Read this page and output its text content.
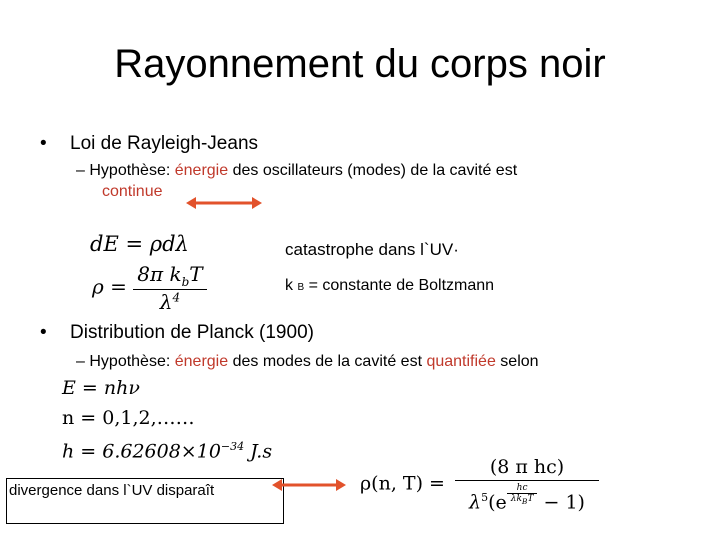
Rayonnement du corps noir
• Loi de Rayleigh-Jeans
– Hypothèse: énergie des oscillateurs (modes) de la cavité est
continue
dE = ρdλ
$\rho = \frac{8\pi k_bT}{\lambda^4}$
catastrophe dans l`UV·
k B = constante de Boltzmann
• Distribution de Planck (1900)
– Hypothèse: énergie des modes de la cavité est quantifiée selon
E = nhν
n = 0,1,2,……
$h = 6.62608\times 10^{-34}$ J.s
divergence dans l`UV disparaît	ρ(n, $T) = \frac{\text{(8 π hc)}}{\lambda^5(e \frac{hc}{\lambda k_BT} - 1)}$
